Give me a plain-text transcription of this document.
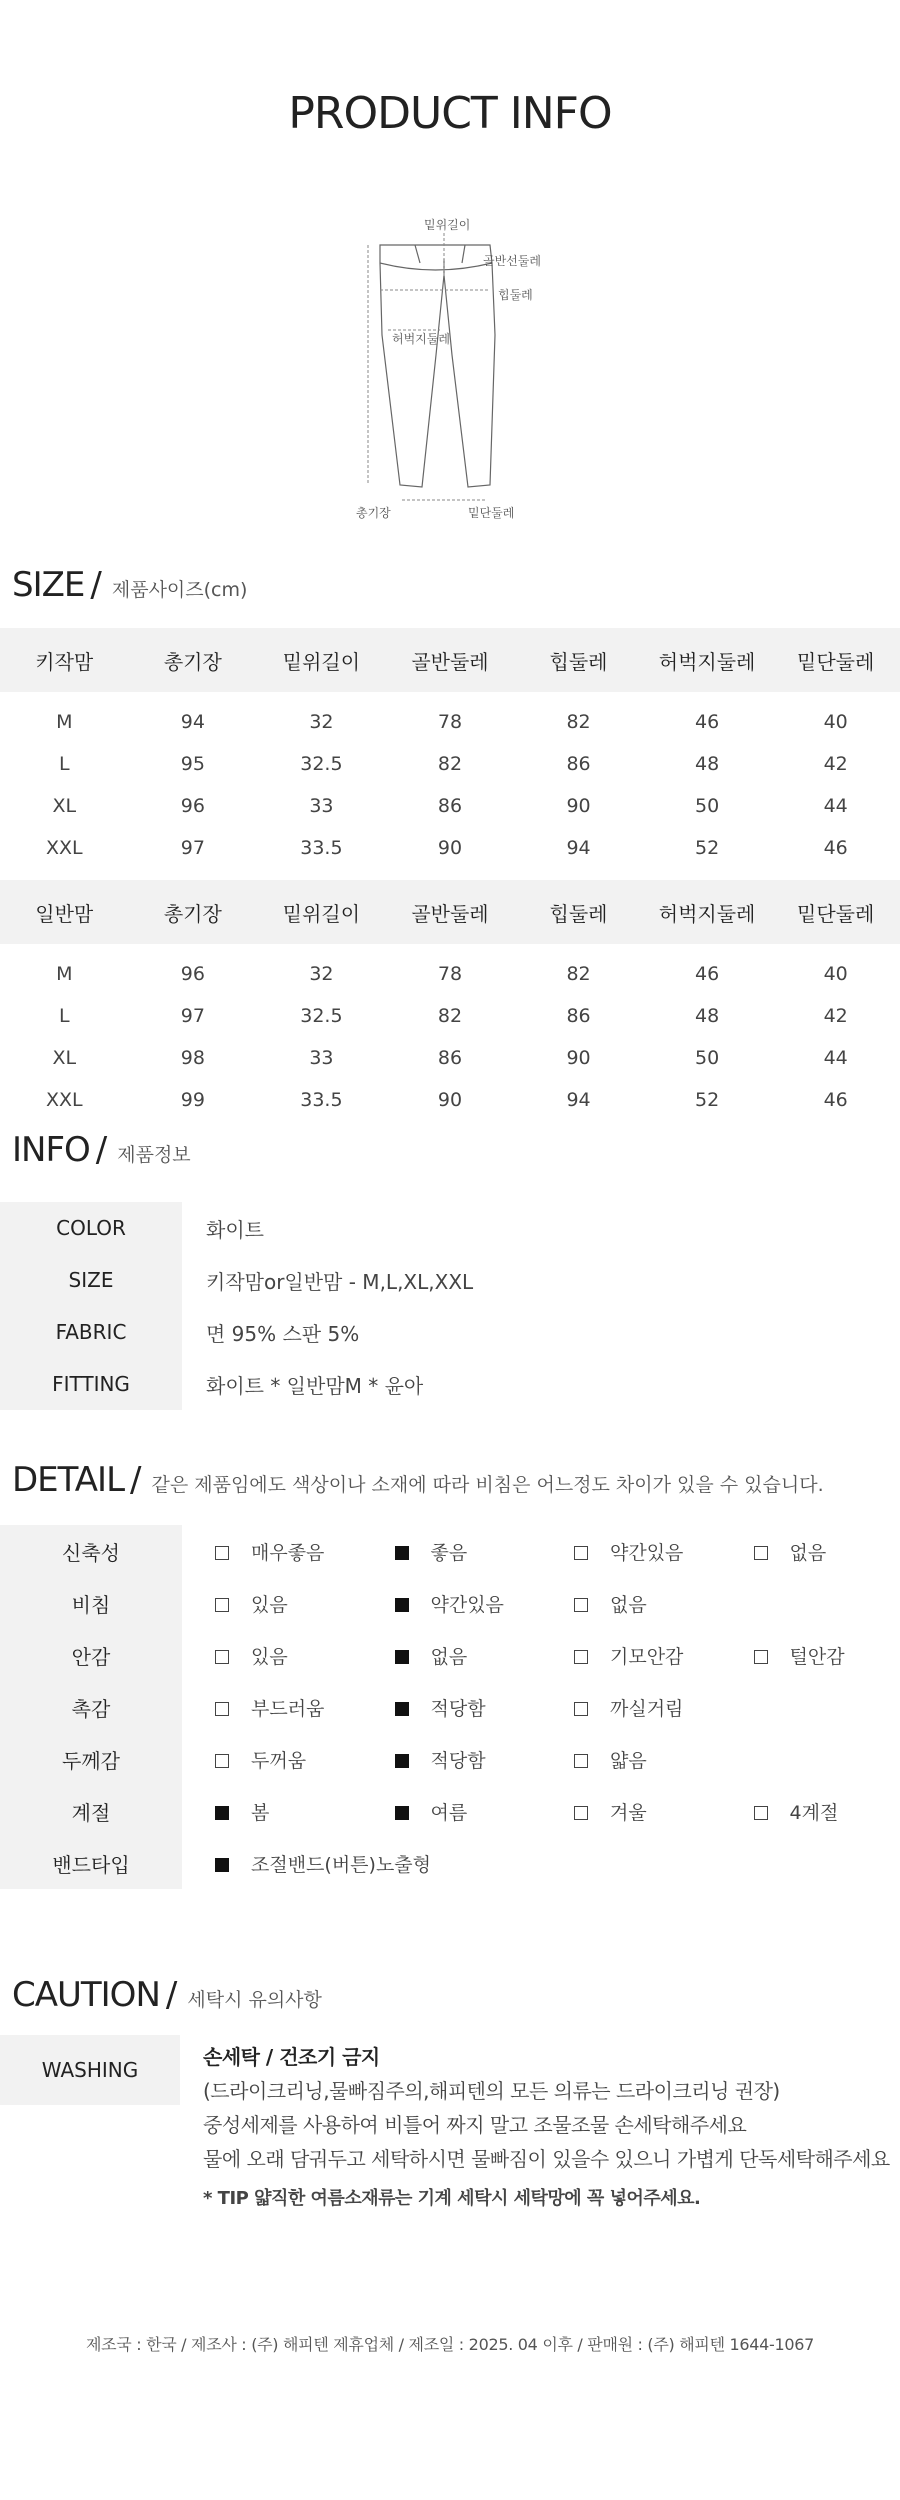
PRODUCT INFO
밑위길이
골반선둘레
힙둘레
허벅지둘레
총기장	밑단둘레
SIZE / 제품사이즈(cm)
키작맘	총기장	밑위길이	골반둘레	힙둘레	허벅지둘레	밑단둘레
M	94	32	78	82	46	40
L	95	32.5	82	86	48	42
XL	96	33	86	90	50	44
XXL	97	33.5	90	94	52	46
일반맘	총기장	밑위길이	골반둘레	힙둘레	허벅지둘레	밑단둘레
M	96	32	78	82	46	40
L	97	32.5	82	86	48	42
XL	98	33	86	90	50	44
XXL	99	33.5	90	94	52	46
INFO / 제품정보
COLOR	화이트
SIZE	키작맘or일반맘 - M,L,XL,XXL
FABRIC	면 95% 스판 5%
FITTING	화이트 * 일반맘M * 윤아
DETAIL / 같은 제품임에도 색상이나 소재에 따라 비침은 어느정도 차이가 있을 수 있습니다.
신축성	매우좋음	좋음	약간있음	없음
비침	있음	약간있음	없음	
안감	있음	없음	기모안감	털안감
촉감	부드러움	적당함	까실거림	
두께감	두꺼움	적당함	얇음	
계절	봄	여름	겨울	4계절
밴드타입	조절밴드(버튼)노출형			
CAUTION / 세탁시 유의사항
WASHING
손세탁 / 건조기 금지
(드라이크리닝,물빠짐주의,해피텐의 모든 의류는 드라이크리닝 권장)
중성세제를 사용하여 비틀어 짜지 말고 조물조물 손세탁해주세요
물에 오래 담궈두고 세탁하시면 물빠짐이 있을수 있으니 가볍게 단독세탁해주세요
* TIP 얇직한 여름소재류는 기계 세탁시 세탁망에 꼭 넣어주세요.
제조국 : 한국 / 제조사 : (주) 해피텐 제휴업체 / 제조일 : 2025. 04 이후 / 판매원 : (주) 해피텐 1644-1067
